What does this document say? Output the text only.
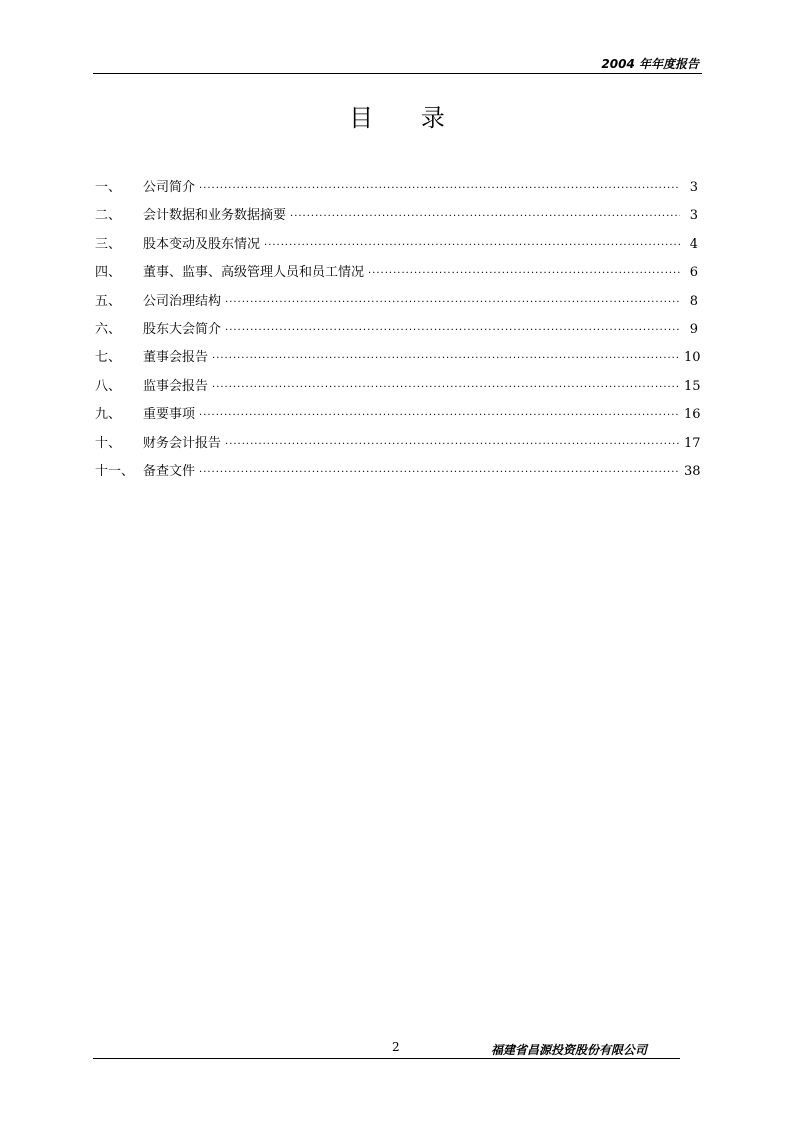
2004 年年度报告
目 录
一、	公司简介 ·····	3
二、	会计数据和业务数据摘要 ·····	3
三、	股本变动及股东情况 ·····	4
四、	董事、监事、高级管理人员和员工情况 ·····	6
五、	公司治理结构 ·····	8
六、	股东大会简介 ·····	9
七、	董事会报告 ·····	10
八、	监事会报告 ·····	15
九、	重要事项 ·····	16
十、	财务会计报告 ·····	17
十一、 备查文件 ·····	38
2	福建省昌源投资股份有限公司
